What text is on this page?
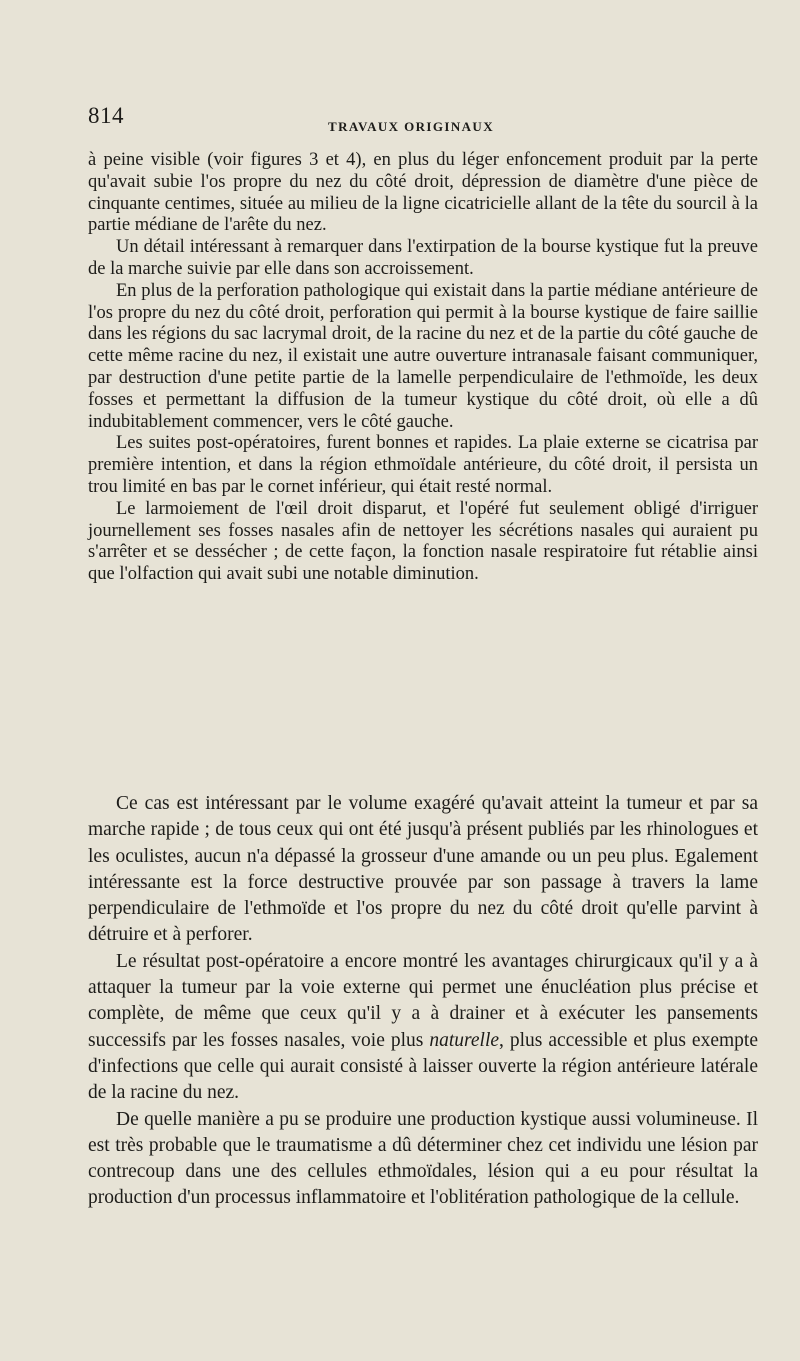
814	TRAVAUX ORIGINAUX

à peine visible (voir figures 3 et 4), en plus du léger enfoncement produit par la perte qu'avait subie l'os propre du nez du côté droit, dépression de diamètre d'une pièce de cinquante centimes, située au milieu de la ligne cicatricielle allant de la tête du sourcil à la partie médiane de l'arête du nez.

Un détail intéressant à remarquer dans l'extirpation de la bourse kystique fut la preuve de la marche suivie par elle dans son accroissement.

En plus de la perforation pathologique qui existait dans la partie médiane antérieure de l'os propre du nez du côté droit, perforation qui permit à la bourse kystique de faire saillie dans les régions du sac lacrymal droit, de la racine du nez et de la partie du côté gauche de cette même racine du nez, il existait une autre ouverture intranasale faisant communiquer, par destruction d'une petite partie de la lamelle perpendiculaire de l'ethmoïde, les deux fosses et permettant la diffusion de la tumeur kystique du côté droit, où elle a dû indubitablement commencer, vers le côté gauche.

Les suites post-opératoires, furent bonnes et rapides. La plaie externe se cicatrisa par première intention, et dans la région ethmoïdale antérieure, du côté droit, il persista un trou limité en bas par le cornet inférieur, qui était resté normal.

Le larmoiement de l'œil droit disparut, et l'opéré fut seulement obligé d'irriguer journellement ses fosses nasales afin de nettoyer les sécrétions nasales qui auraient pu s'arrêter et se dessécher ; de cette façon, la fonction nasale respiratoire fut rétablie ainsi que l'olfaction qui avait subi une notable diminution.

Ce cas est intéressant par le volume exagéré qu'avait atteint la tumeur et par sa marche rapide ; de tous ceux qui ont été jusqu'à présent publiés par les rhinologues et les oculistes, aucun n'a dépassé la grosseur d'une amande ou un peu plus. Egalement intéressante est la force destructive prouvée par son passage à travers la lame perpendiculaire de l'ethmoïde et l'os propre du nez du côté droit qu'elle parvint à détruire et à perforer.

Le résultat post-opératoire a encore montré les avantages chirurgicaux qu'il y a à attaquer la tumeur par la voie externe qui permet une énucléation plus précise et complète, de même que ceux qu'il y a à drainer et à exécuter les pansements successifs par les fosses nasales, voie plus naturelle, plus accessible et plus exempte d'infections que celle qui aurait consisté à laisser ouverte la région antérieure latérale de la racine du nez.

De quelle manière a pu se produire une production kystique aussi volumineuse. Il est très probable que le traumatisme a dû déterminer chez cet individu une lésion par contrecoup dans une des cellules ethmoïdales, lésion qui a eu pour résultat la production d'un processus inflammatoire et l'oblitération pathologique de la cellule.
